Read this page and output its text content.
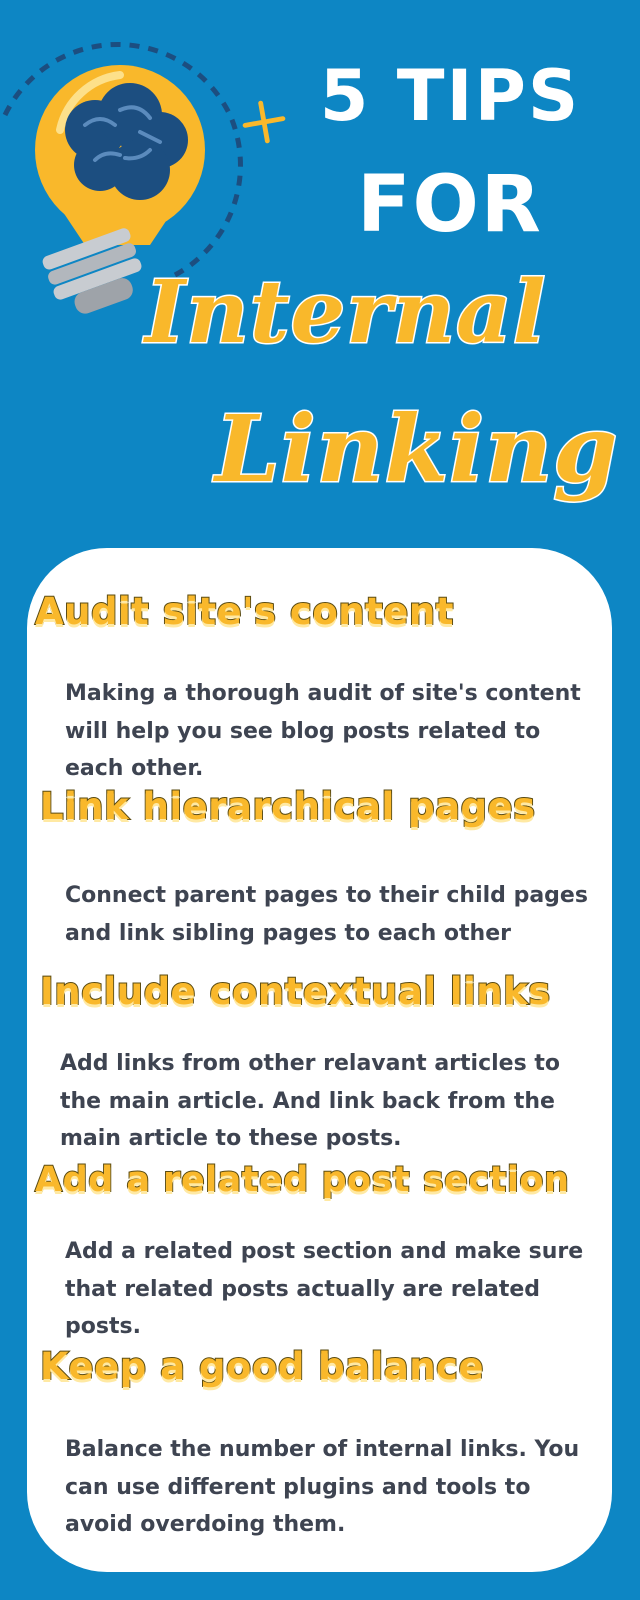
5 TIPS
FOR
Internal
Linking
Audit site's content

Making a thorough audit of site's content will help you see blog posts related to each other.

Link hierarchical pages

Connect parent pages to their child pages and link sibling pages to each other

Include contextual links

Add links from other relavant articles to the main article. And link back from the main article to these posts.

Add a related post section

Add a related post section and make sure that related posts actually are related posts.

Keep a good balance

Balance the number of internal links. You can use different plugins and tools to avoid overdoing them.
